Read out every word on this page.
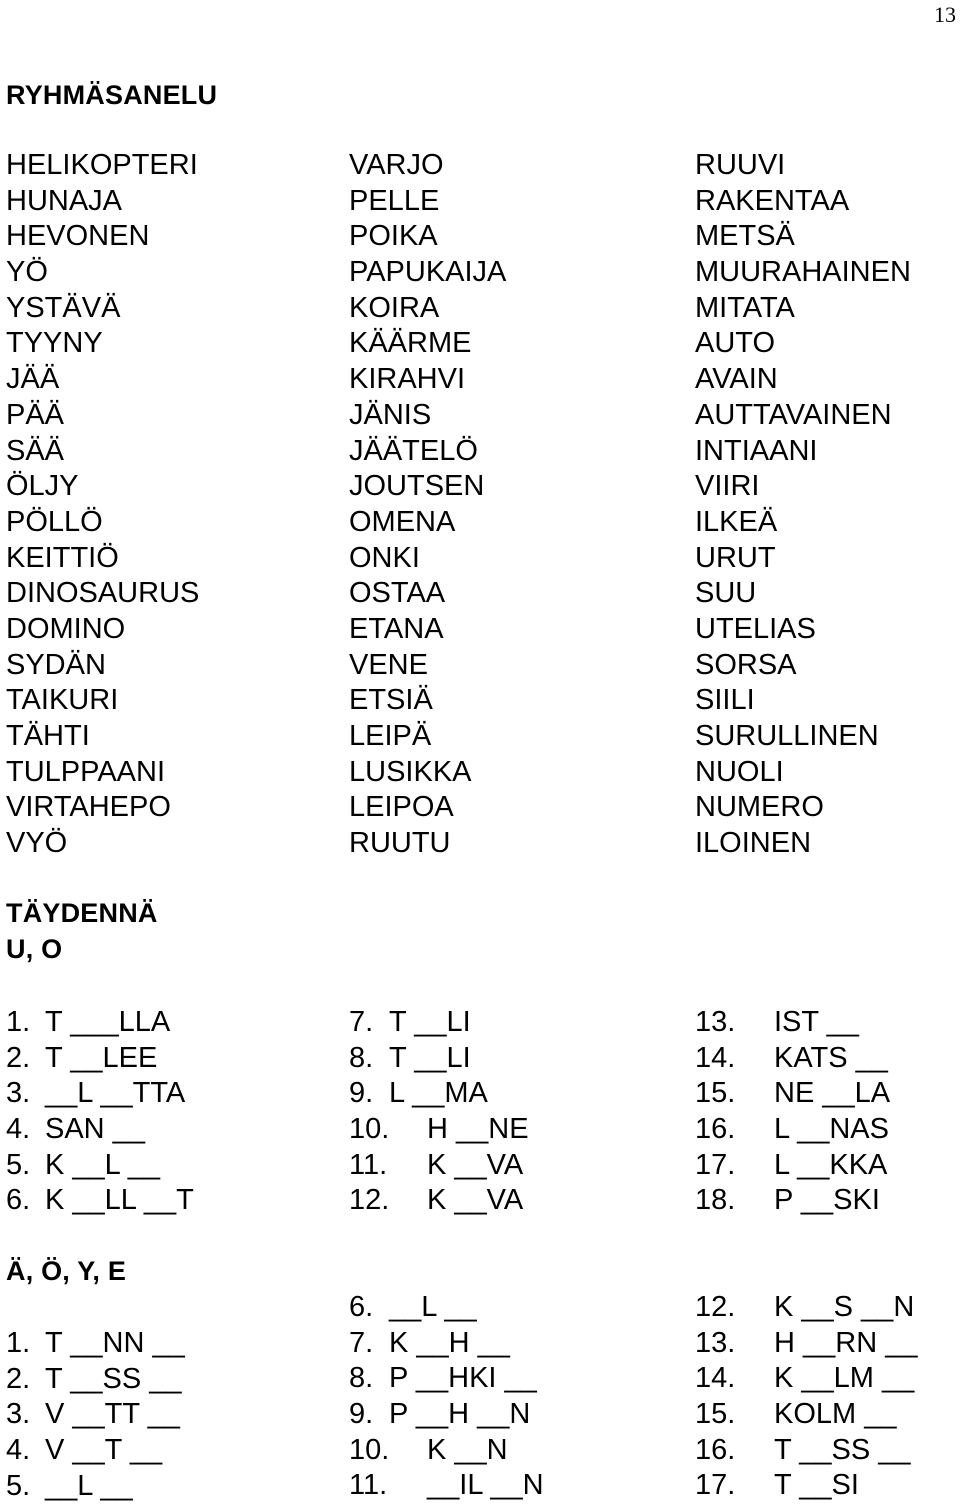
13
RYHMÄSANELU
HELIKOPTERI
HUNAJA
HEVONEN
YÖ
YSTÄVÄ
TYYNY
JÄÄ
PÄÄ
SÄÄ
ÖLJY
PÖLLÖ
KEITTIÖ
DINOSAURUS
DOMINO
SYDÄN
TAIKURI
TÄHTI
TULPPAANI
VIRTAHEPO
VYÖ
VARJO
PELLE
POIKA
PAPUKAIJA
KOIRA
KÄÄRME
KIRAHVI
JÄNIS
JÄÄTELÖ
JOUTSEN
OMENA
ONKI
OSTAA
ETANA
VENE
ETSIÄ
LEIPÄ
LUSIKKA
LEIPOA
RUUTU
RUUVI
RAKENTAA
METSÄ
MUURAHAINEN
MITATA
AUTO
AVAIN
AUTTAVAINEN
INTIAANI
VIIRI
ILKEÄ
URUT
SUU
UTELIAS
SORSA
SIILI
SURULLINEN
NUOLI
NUMERO
ILOINEN
TÄYDENNÄ
U, O
1. T ___LLA
2. T __LEE
3. __L __TTA
4. SAN __
5. K __L __
6. K __LL __T
7. T __LI
8. T __LI
9. L __MA
10. H __NE
11. K __VA
12. K __VA
13. IST __
14. KATS __
15. NE __LA
16. L __NAS
17. L __KKA
18. P __SKI
Ä, Ö, Y, E
1. T __NN __
2. T __SS __
3. V __TT __
4. V __T __
5. __L __
6. __L __
7. K __H __
8. P __HKI __
9. P __H __N
10. K __N
11. __IL __N
12. K __S __N
13. H __RN __
14. K __LM __
15. KOLM __
16. T __SS __
17. T __SI
